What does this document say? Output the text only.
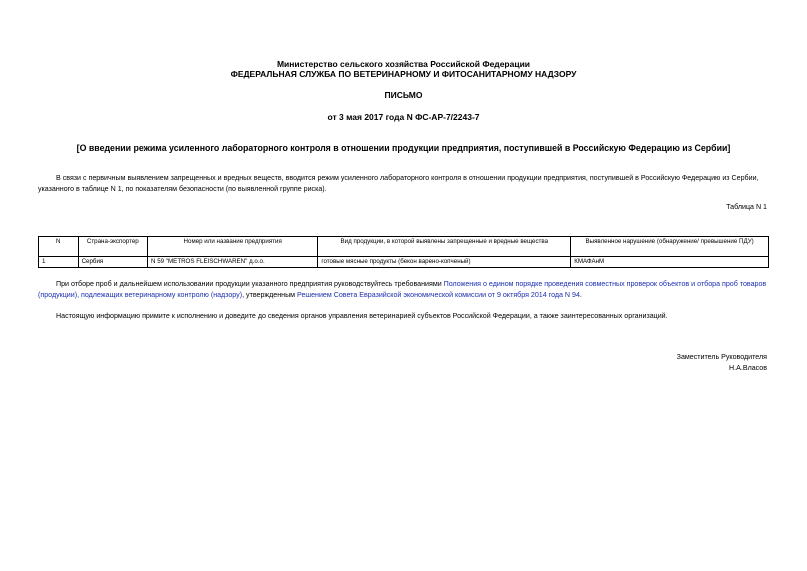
Министерство сельского хозяйства Российской Федерации
ФЕДЕРАЛЬНАЯ СЛУЖБА ПО ВЕТЕРИНАРНОМУ И ФИТОСАНИТАРНОМУ НАДЗОРУ
ПИСЬМО
от 3 мая 2017 года N ФС-АР-7/2243-7
[О введении режима усиленного лабораторного контроля в отношении продукции предприятия, поступившей в Российскую Федерацию из Сербии]
В связи с первичным выявлением запрещенных и вредных веществ, вводится режим усиленного лабораторного контроля в отношении продукции предприятия, поступившей в Российскую Федерацию из Сербии, указанного в таблице N 1, по показателям безопасности (по выявленной группе риска).
Таблица N 1
N	Страна-экспортер	Номер или название предприятия	Вид продукции, в которой выявлены запрещенные и вредные вещества	Выявленное нарушение (обнаружение/ превышение ПДУ)
1	Сербия	N 59 "METROS FLEISCHWAREN" д.о.о.	готовые мясные продукты (бекон варено-копченый)	КМАФАнМ
При отборе проб и дальнейшем использовании продукции указанного предприятия руководствуйтесь требованиями Положения о едином порядке проведения совместных проверок объектов и отбора проб товаров (продукции), подлежащих ветеринарному контролю (надзору), утвержденным Решением Совета Евразийской экономической комиссии от 9 октября 2014 года N 94.
Настоящую информацию примите к исполнению и доведите до сведения органов управления ветеринарией субъектов Российской Федерации, а также заинтересованных организаций.
Заместитель Руководителя
Н.А.Власов
